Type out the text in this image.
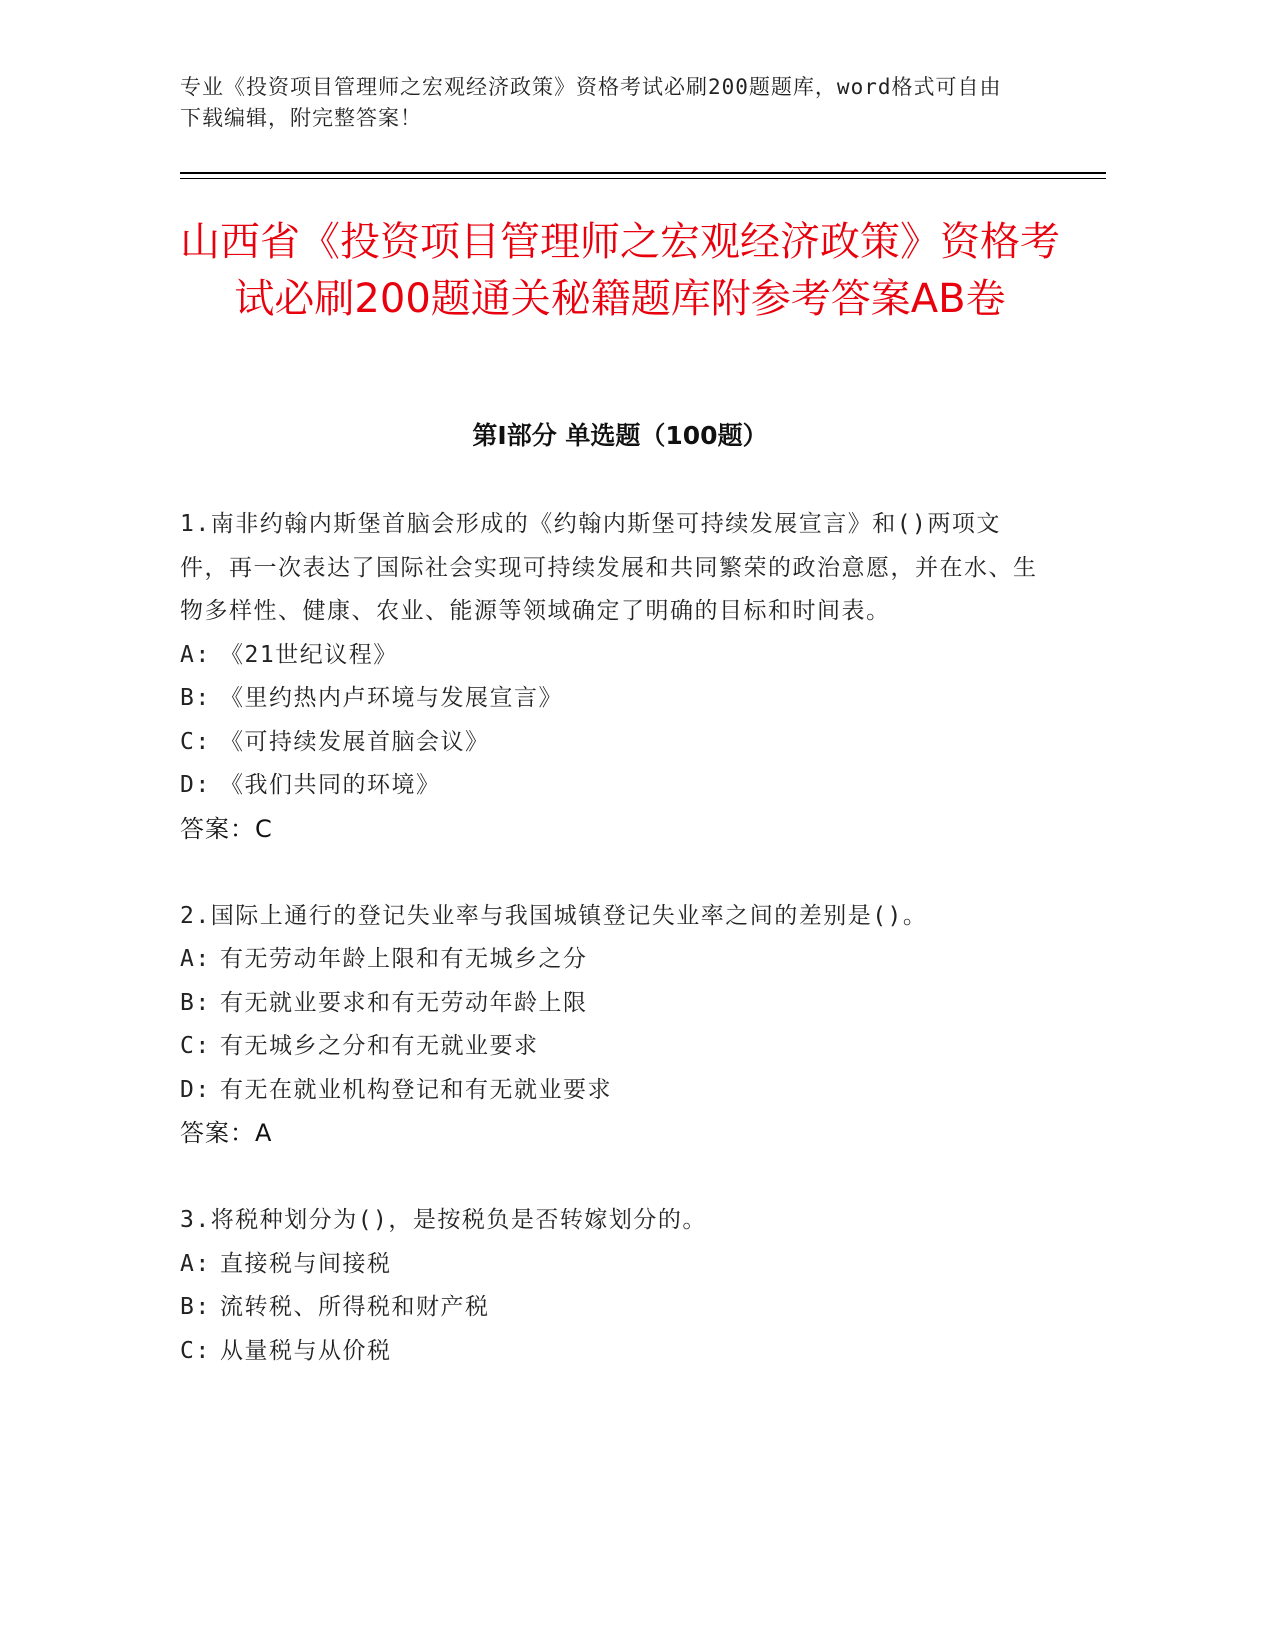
专业《投资项目管理师之宏观经济政策》资格考试必刷200题题库，word格式可自由下载编辑，附完整答案！
山西省《投资项目管理师之宏观经济政策》资格考试必刷200题通关秘籍题库附参考答案AB卷
第Ⅰ部分 单选题（100题）

1.南非约翰内斯堡首脑会形成的《约翰内斯堡可持续发展宣言》和()两项文件，再一次表达了国际社会实现可持续发展和共同繁荣的政治意愿，并在水、生物多样性、健康、农业、能源等领域确定了明确的目标和时间表。

A: 《21世纪议程》

B: 《里约热内卢环境与发展宣言》

C: 《可持续发展首脑会议》

D: 《我们共同的环境》

答案：C

2.国际上通行的登记失业率与我国城镇登记失业率之间的差别是()。

A: 有无劳动年龄上限和有无城乡之分

B: 有无就业要求和有无劳动年龄上限

C: 有无城乡之分和有无就业要求

D: 有无在就业机构登记和有无就业要求

答案：A

3.将税种划分为()，是按税负是否转嫁划分的。

A: 直接税与间接税

B: 流转税、所得税和财产税

C: 从量税与从价税
